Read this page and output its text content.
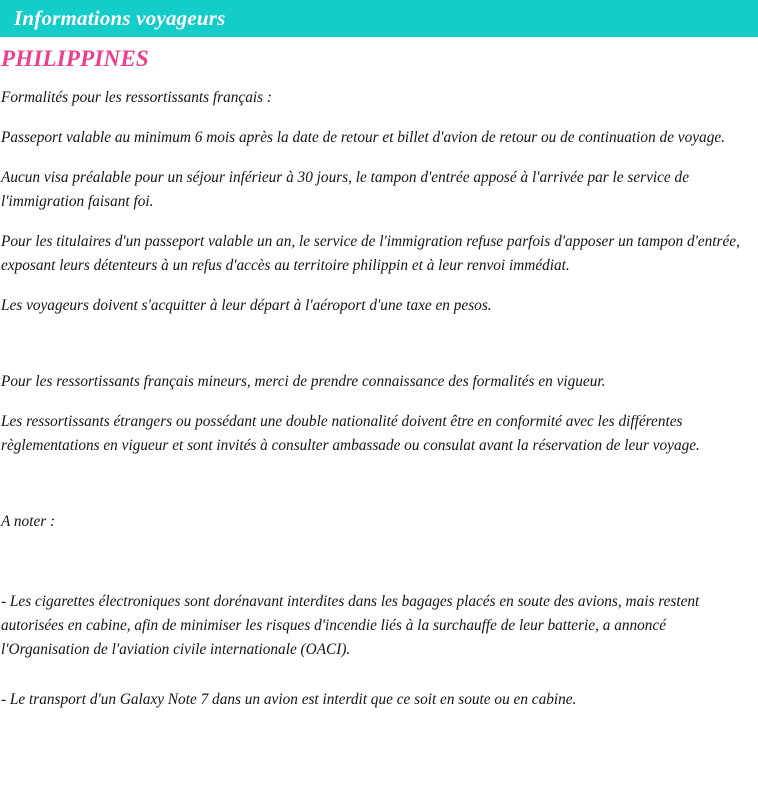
Informations voyageurs
PHILIPPINES

Formalités pour les ressortissants français :

Passeport valable au minimum 6 mois après la date de retour et billet d'avion de retour ou de continuation de voyage.

Aucun visa préalable pour un séjour inférieur à 30 jours, le tampon d'entrée apposé à l'arrivée par le service de l'immigration faisant foi.

Pour les titulaires d'un passeport valable un an, le service de l'immigration refuse parfois d'apposer un tampon d'entrée, exposant leurs détenteurs à un refus d'accès au territoire philippin et à leur renvoi immédiat.

Les voyageurs doivent s'acquitter à leur départ à l'aéroport d'une taxe en pesos.

Pour les ressortissants français mineurs, merci de prendre connaissance des formalités en vigueur.

Les ressortissants étrangers ou possédant une double nationalité doivent être en conformité avec les différentes règlementations en vigueur et sont invités à consulter ambassade ou consulat avant la réservation de leur voyage.

A noter :

- Les cigarettes électroniques sont dorénavant interdites dans les bagages placés en soute des avions, mais restent autorisées en cabine, afin de minimiser les risques d'incendie liés à la surchauffe de leur batterie, a annoncé l'Organisation de l'aviation civile internationale (OACI).

- Le transport d'un Galaxy Note 7 dans un avion est interdit que ce soit en soute ou en cabine.
